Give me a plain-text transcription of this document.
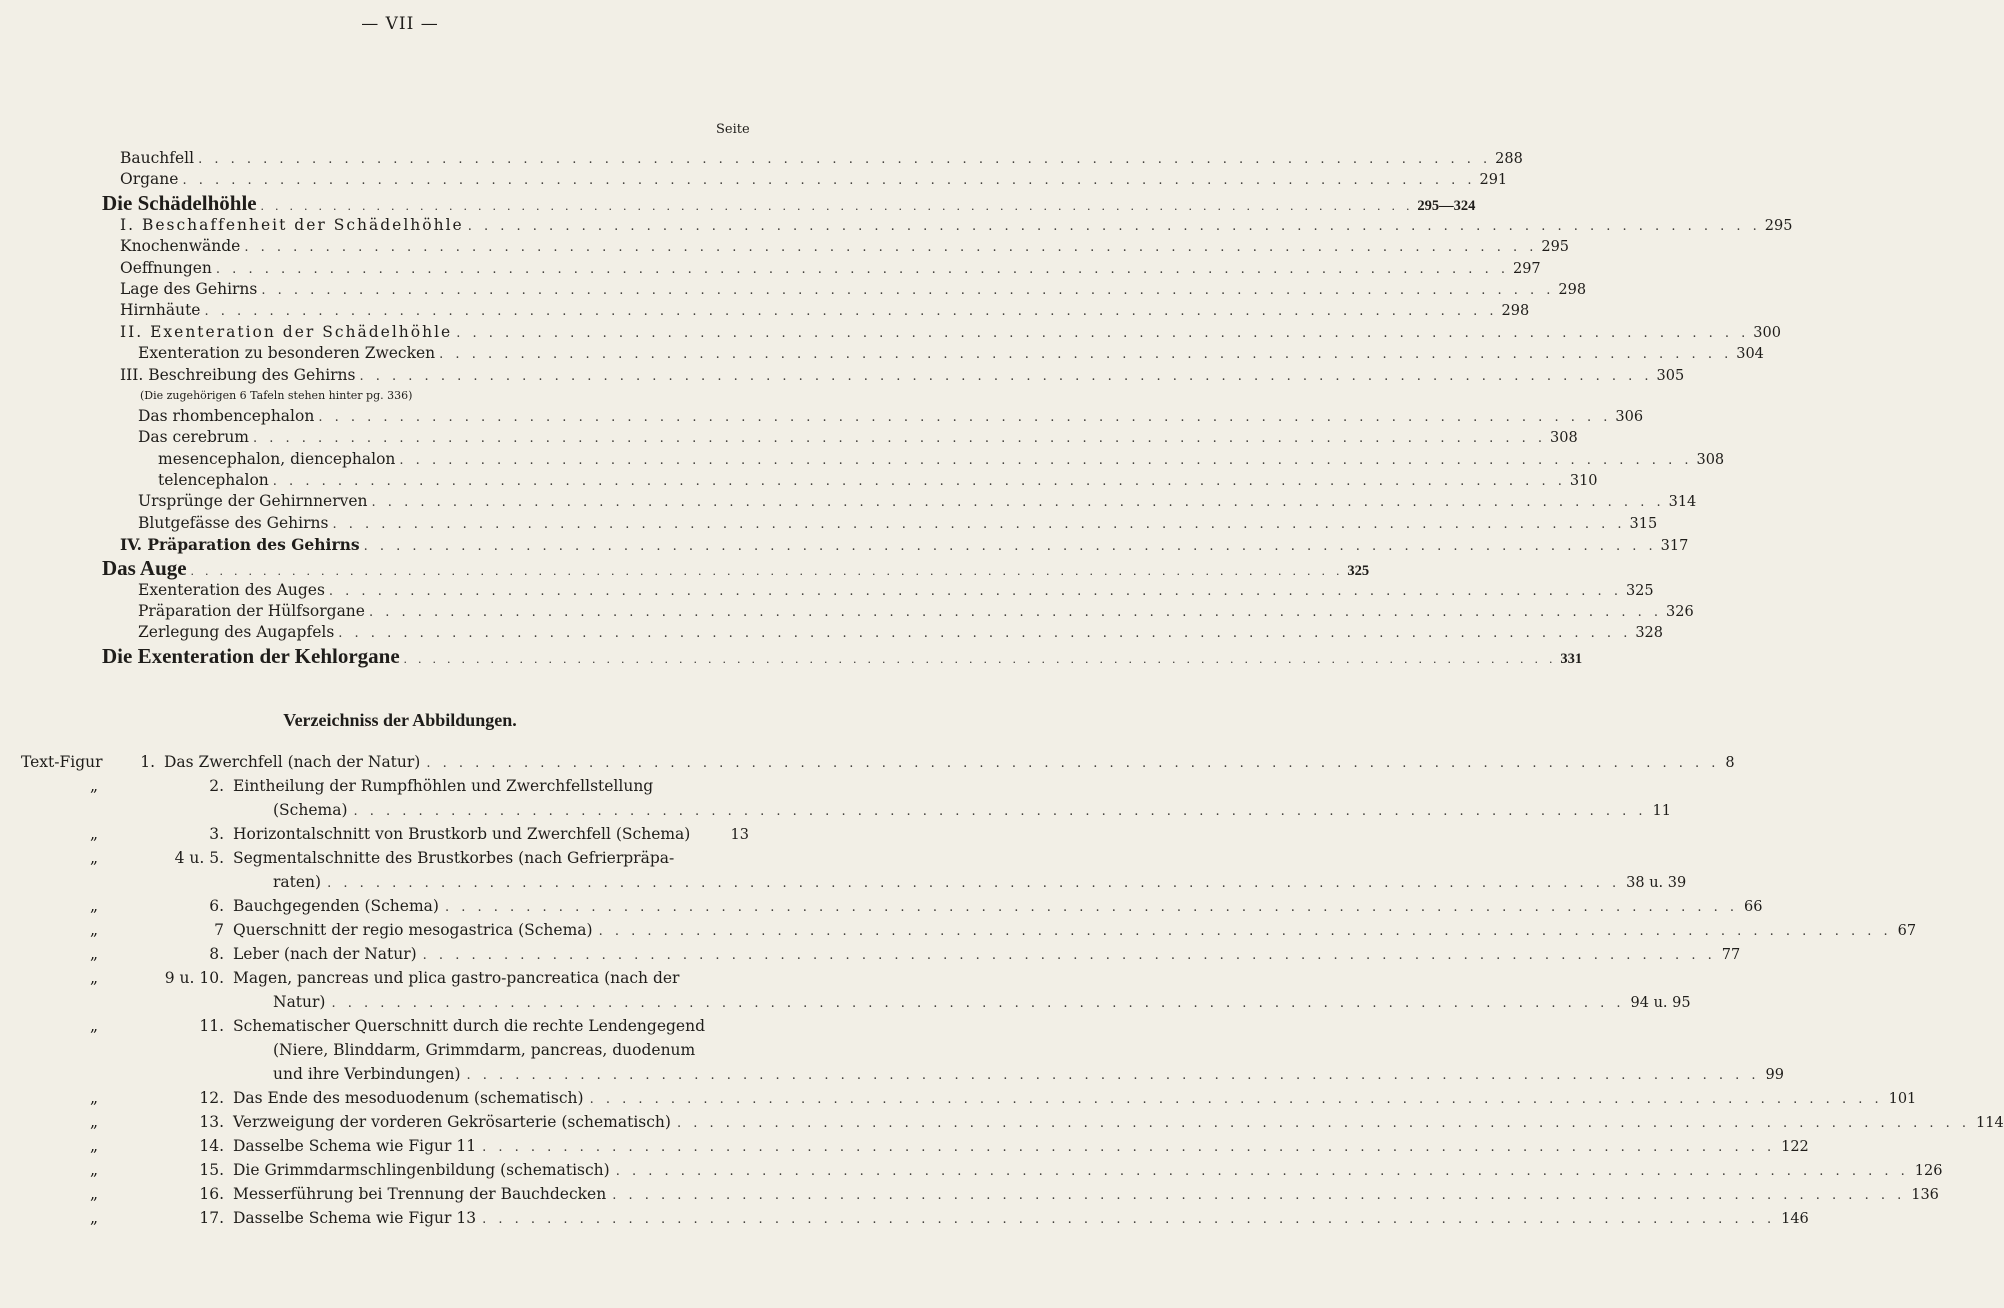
— VII —
Seite
Bauchfell . . . . . . . . . . . . . . . . . . . . . . . . . . . . . . . . . . . . . . . . . . . . . . . . . . . . . . . . . . . . . . . . . . . . . . . . . . . . . . . . 288
Organe . . . . . . . . . . . . . . . . . . . . . . . . . . . . . . . . . . . . . . . . . . . . . . . . . . . . . . . . . . . . . . . . . . . . . . . . . . . . . . . . 291
Die Schädelhöhle . . . . . . . . . . . . . . . . . . . . . . . . . . . . . . . . . . . . . . . . . . . . . . . . . . . . . . . . . . . . . . . . . . . . . . . . . . . . . . . . 295—324
I. Beschaffenheit der Schädelhöhle . . . . . . . . . . . . . . . . . . . . . . . . . . . . . . . . . . . . . . . . . . . . . . . . . . . . . . . . . . . . . . . . . . . . . . . . . . . . . . . . 295
Knochenwände . . . . . . . . . . . . . . . . . . . . . . . . . . . . . . . . . . . . . . . . . . . . . . . . . . . . . . . . . . . . . . . . . . . . . . . . . . . . . . . . 295
Oeffnungen . . . . . . . . . . . . . . . . . . . . . . . . . . . . . . . . . . . . . . . . . . . . . . . . . . . . . . . . . . . . . . . . . . . . . . . . . . . . . . . . 297
Lage des Gehirns . . . . . . . . . . . . . . . . . . . . . . . . . . . . . . . . . . . . . . . . . . . . . . . . . . . . . . . . . . . . . . . . . . . . . . . . . . . . . . . . 298
Hirnhäute . . . . . . . . . . . . . . . . . . . . . . . . . . . . . . . . . . . . . . . . . . . . . . . . . . . . . . . . . . . . . . . . . . . . . . . . . . . . . . . . 298
II. Exenteration der Schädelhöhle . . . . . . . . . . . . . . . . . . . . . . . . . . . . . . . . . . . . . . . . . . . . . . . . . . . . . . . . . . . . . . . . . . . . . . . . . . . . . . . . 300
Exenteration zu besonderen Zwecken . . . . . . . . . . . . . . . . . . . . . . . . . . . . . . . . . . . . . . . . . . . . . . . . . . . . . . . . . . . . . . . . . . . . . . . . . . . . . . . . 304
III. Beschreibung des Gehirns . . . . . . . . . . . . . . . . . . . . . . . . . . . . . . . . . . . . . . . . . . . . . . . . . . . . . . . . . . . . . . . . . . . . . . . . . . . . . . . . 305
(Die zugehörigen 6 Tafeln stehen hinter pg. 336)
Das rhombencephalon . . . . . . . . . . . . . . . . . . . . . . . . . . . . . . . . . . . . . . . . . . . . . . . . . . . . . . . . . . . . . . . . . . . . . . . . . . . . . . . . 306
Das cerebrum . . . . . . . . . . . . . . . . . . . . . . . . . . . . . . . . . . . . . . . . . . . . . . . . . . . . . . . . . . . . . . . . . . . . . . . . . . . . . . . . 308
mesencephalon, diencephalon . . . . . . . . . . . . . . . . . . . . . . . . . . . . . . . . . . . . . . . . . . . . . . . . . . . . . . . . . . . . . . . . . . . . . . . . . . . . . . . . 308
telencephalon . . . . . . . . . . . . . . . . . . . . . . . . . . . . . . . . . . . . . . . . . . . . . . . . . . . . . . . . . . . . . . . . . . . . . . . . . . . . . . . . 310
Ursprünge der Gehirnnerven . . . . . . . . . . . . . . . . . . . . . . . . . . . . . . . . . . . . . . . . . . . . . . . . . . . . . . . . . . . . . . . . . . . . . . . . . . . . . . . . 314
Blutgefässe des Gehirns . . . . . . . . . . . . . . . . . . . . . . . . . . . . . . . . . . . . . . . . . . . . . . . . . . . . . . . . . . . . . . . . . . . . . . . . . . . . . . . . 315
IV. Präparation des Gehirns . . . . . . . . . . . . . . . . . . . . . . . . . . . . . . . . . . . . . . . . . . . . . . . . . . . . . . . . . . . . . . . . . . . . . . . . . . . . . . . . 317
Das Auge . . . . . . . . . . . . . . . . . . . . . . . . . . . . . . . . . . . . . . . . . . . . . . . . . . . . . . . . . . . . . . . . . . . . . . . . . . . . . . . . 325
Exenteration des Auges . . . . . . . . . . . . . . . . . . . . . . . . . . . . . . . . . . . . . . . . . . . . . . . . . . . . . . . . . . . . . . . . . . . . . . . . . . . . . . . . 325
Präparation der Hülfsorgane . . . . . . . . . . . . . . . . . . . . . . . . . . . . . . . . . . . . . . . . . . . . . . . . . . . . . . . . . . . . . . . . . . . . . . . . . . . . . . . . 326
Zerlegung des Augapfels . . . . . . . . . . . . . . . . . . . . . . . . . . . . . . . . . . . . . . . . . . . . . . . . . . . . . . . . . . . . . . . . . . . . . . . . . . . . . . . . 328
Die Exenteration der Kehlorgane . . . . . . . . . . . . . . . . . . . . . . . . . . . . . . . . . . . . . . . . . . . . . . . . . . . . . . . . . . . . . . . . . . . . . . . . . . . . . . . . 331
Verzeichniss der Abbildungen.
Text-Figur	1. Das Zwerchfell (nach der Natur) . . . . . . . . . . . . . . . . . . . . . . . . . . . . . . . . . . . . . . . . . . . . . . . . . . . . . . . . . . . . . . . . . . . . . . . . . . . . . . . . 8
„	2. Eintheilung der Rumpfhöhlen und Zwerchfellstellung
(Schema) . . . . . . . . . . . . . . . . . . . . . . . . . . . . . . . . . . . . . . . . . . . . . . . . . . . . . . . . . . . . . . . . . . . . . . . . . . . . . . . . 11
„	3. Horizontalschnitt von Brustkorb und Zwerchfell (Schema)	13
„	4 u. 5. Segmentalschnitte des Brustkorbes (nach Gefrierpräpa-
raten) . . . . . . . . . . . . . . . . . . . . . . . . . . . . . . . . . . . . . . . . . . . . . . . . . . . . . . . . . . . . . . . . . . . . . . . . . . . . . . . . 38 u. 39
„	6. Bauchgegenden (Schema) . . . . . . . . . . . . . . . . . . . . . . . . . . . . . . . . . . . . . . . . . . . . . . . . . . . . . . . . . . . . . . . . . . . . . . . . . . . . . . . . 66
„	7 Querschnitt der regio mesogastrica (Schema) . . . . . . . . . . . . . . . . . . . . . . . . . . . . . . . . . . . . . . . . . . . . . . . . . . . . . . . . . . . . . . . . . . . . . . . . . . . . . . . . 67
„	8. Leber (nach der Natur) . . . . . . . . . . . . . . . . . . . . . . . . . . . . . . . . . . . . . . . . . . . . . . . . . . . . . . . . . . . . . . . . . . . . . . . . . . . . . . . . 77
„	9 u. 10. Magen, pancreas und plica gastro-pancreatica (nach der
Natur) . . . . . . . . . . . . . . . . . . . . . . . . . . . . . . . . . . . . . . . . . . . . . . . . . . . . . . . . . . . . . . . . . . . . . . . . . . . . . . . . 94 u. 95
„	11. Schematischer Querschnitt durch die rechte Lendengegend
(Niere, Blinddarm, Grimmdarm, pancreas, duodenum
und ihre Verbindungen) . . . . . . . . . . . . . . . . . . . . . . . . . . . . . . . . . . . . . . . . . . . . . . . . . . . . . . . . . . . . . . . . . . . . . . . . . . . . . . . . 99
„	12. Das Ende des mesoduodenum (schematisch) . . . . . . . . . . . . . . . . . . . . . . . . . . . . . . . . . . . . . . . . . . . . . . . . . . . . . . . . . . . . . . . . . . . . . . . . . . . . . . . . 101
„	13. Verzweigung der vorderen Gekrösarterie (schematisch) . . . . . . . . . . . . . . . . . . . . . . . . . . . . . . . . . . . . . . . . . . . . . . . . . . . . . . . . . . . . . . . . . . . . . . . . . . . . . . . . 114
„	14. Dasselbe Schema wie Figur 11 . . . . . . . . . . . . . . . . . . . . . . . . . . . . . . . . . . . . . . . . . . . . . . . . . . . . . . . . . . . . . . . . . . . . . . . . . . . . . . . . 122
„	15. Die Grimmdarmschlingenbildung (schematisch) . . . . . . . . . . . . . . . . . . . . . . . . . . . . . . . . . . . . . . . . . . . . . . . . . . . . . . . . . . . . . . . . . . . . . . . . . . . . . . . . 126
„	16. Messerführung bei Trennung der Bauchdecken . . . . . . . . . . . . . . . . . . . . . . . . . . . . . . . . . . . . . . . . . . . . . . . . . . . . . . . . . . . . . . . . . . . . . . . . . . . . . . . . 136
„	17. Dasselbe Schema wie Figur 13 . . . . . . . . . . . . . . . . . . . . . . . . . . . . . . . . . . . . . . . . . . . . . . . . . . . . . . . . . . . . . . . . . . . . . . . . . . . . . . . . 146
